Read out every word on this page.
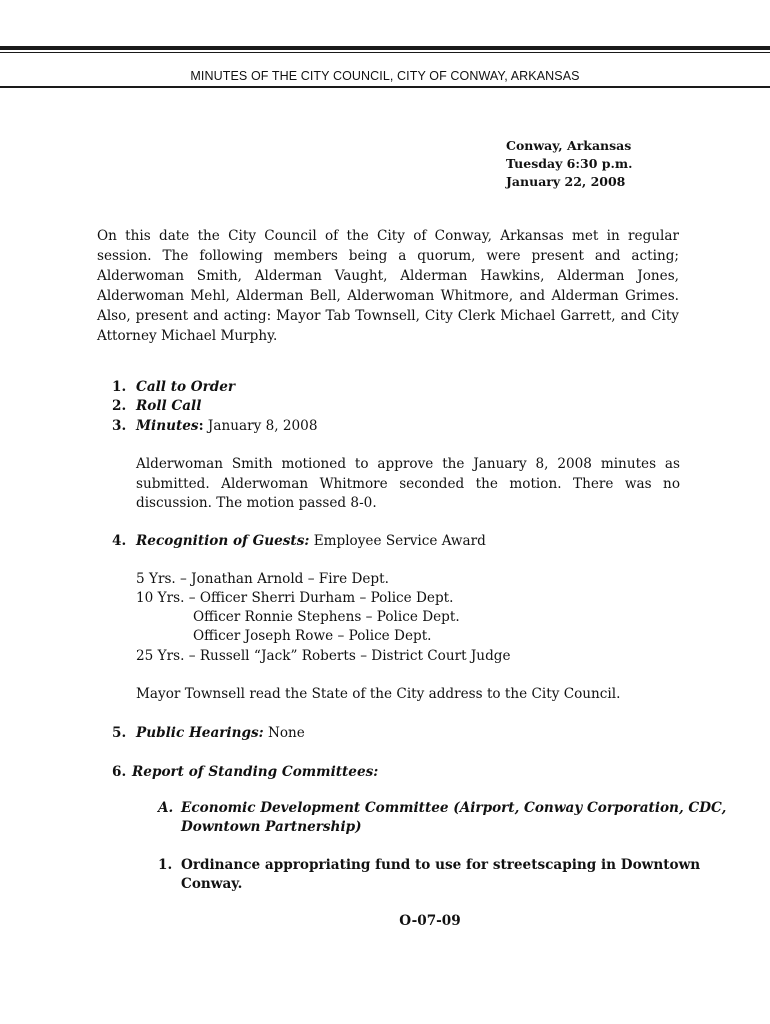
MINUTES OF THE CITY COUNCIL, CITY OF CONWAY, ARKANSAS
Conway, Arkansas
Tuesday 6:30 p.m.
January 22, 2008
On this date the City Council of the City of Conway, Arkansas met in regular session. The following members being a quorum, were present and acting; Alderwoman Smith, Alderman Vaught, Alderman Hawkins, Alderman Jones, Alderwoman Mehl, Alderman Bell, Alderwoman Whitmore, and Alderman Grimes. Also, present and acting: Mayor Tab Townsell, City Clerk Michael Garrett, and City Attorney Michael Murphy.
1. Call to Order
2. Roll Call
3. Minutes: January 8, 2008
Alderwoman Smith motioned to approve the January 8, 2008 minutes as submitted. Alderwoman Whitmore seconded the motion. There was no discussion. The motion passed 8-0.
4. Recognition of Guests: Employee Service Award
5 Yrs. – Jonathan Arnold – Fire Dept.
10 Yrs. – Officer Sherri Durham – Police Dept.
Officer Ronnie Stephens – Police Dept.
Officer Joseph Rowe – Police Dept.
25 Yrs. – Russell “Jack” Roberts – District Court Judge
Mayor Townsell read the State of the City address to the City Council.
5. Public Hearings: None
6. Report of Standing Committees:
A. Economic Development Committee (Airport, Conway Corporation, CDC,
Downtown Partnership)
1. Ordinance appropriating fund to use for streetscaping in Downtown
Conway.
O-07-09
